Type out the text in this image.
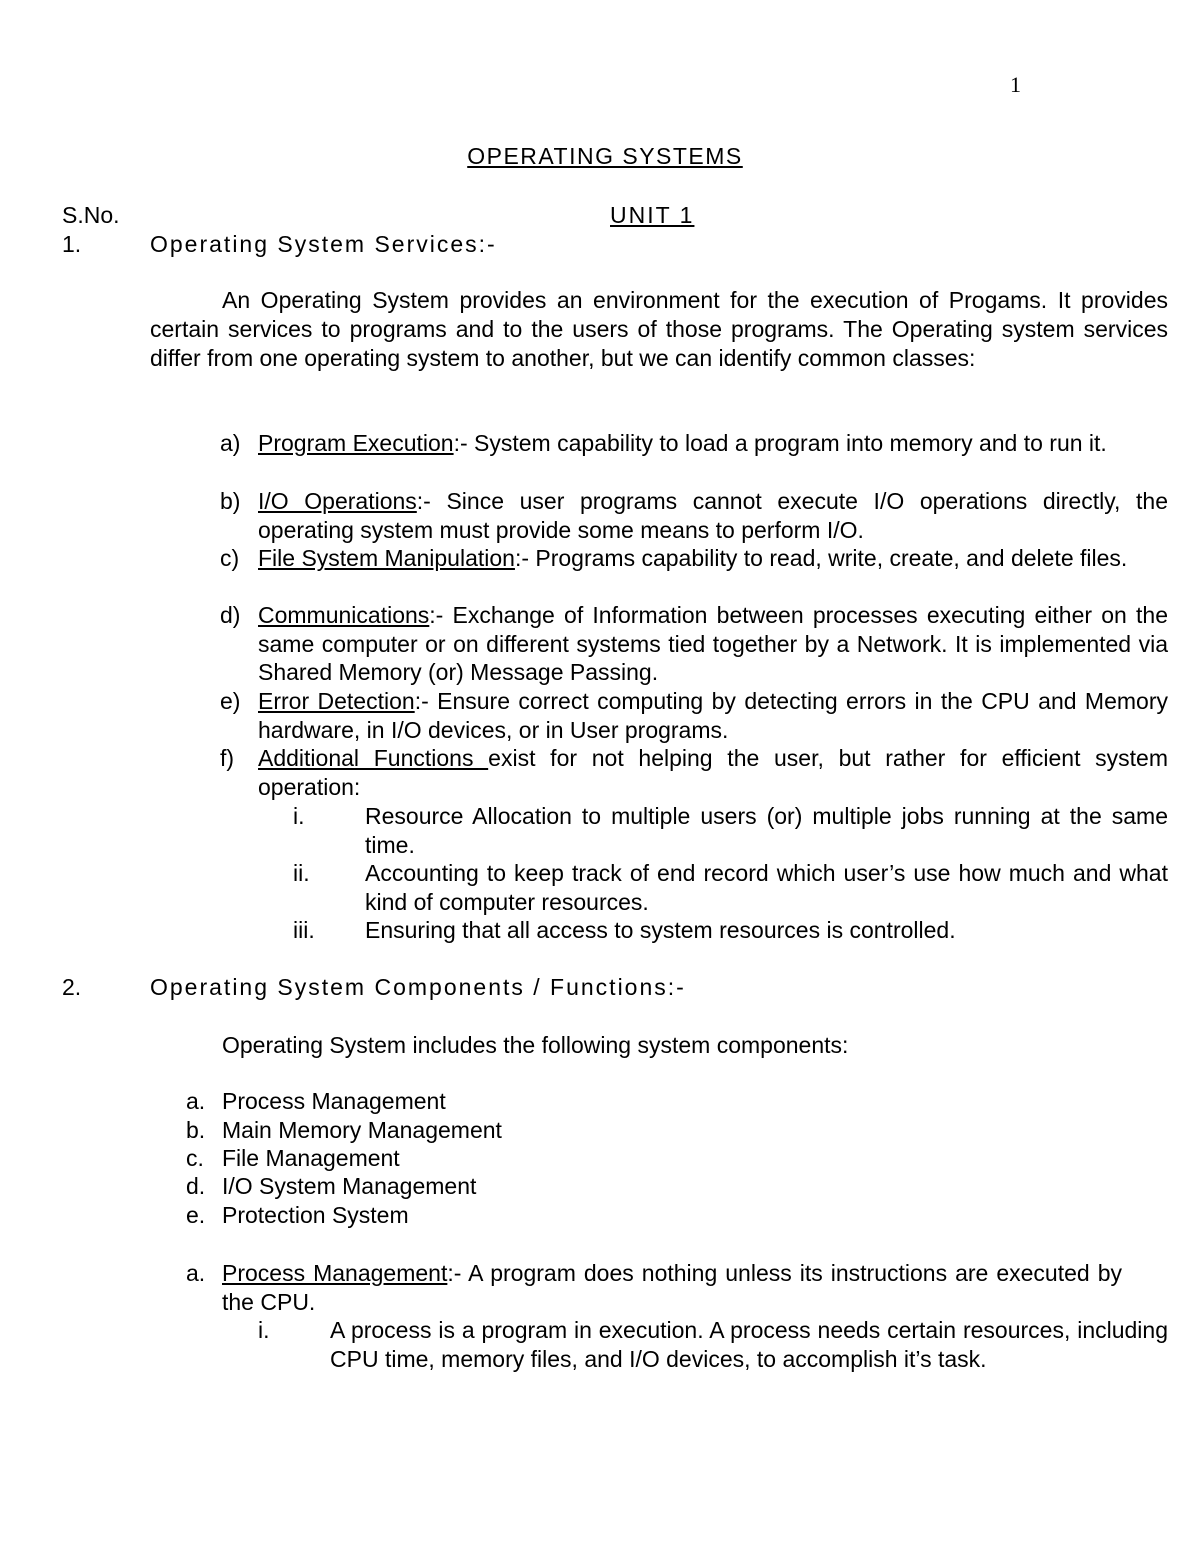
1
OPERATING SYSTEMS
S.No.	UNIT 1
1.	Operating System Services:-
An Operating System provides an environment for the execution of Progams. It provides certain services to programs and to the users of those programs. The Operating system services differ from one operating system to another, but we can identify common classes:
a) Program Execution:- System capability to load a program into memory and to run it.
b) I/O Operations:- Since user programs cannot execute I/O operations directly, the operating system must provide some means to perform I/O.
c) File System Manipulation:- Programs capability to read, write, create, and delete files.
d) Communications:- Exchange of Information between processes executing either on the same computer or on different systems tied together by a Network. It is implemented via Shared Memory (or) Message Passing.
e) Error Detection:- Ensure correct computing by detecting errors in the CPU and Memory hardware, in I/O devices, or in User programs.
f) Additional Functions exist for not helping the user, but rather for efficient system operation:
i.	Resource Allocation to multiple users (or) multiple jobs running at the same time.
ii. Accounting to keep track of end record which user’s use how much and what kind of computer resources.
iii. Ensuring that all access to system resources is controlled.
2.	Operating System Components / Functions:-
Operating System includes the following system components:
a. Process Management
b. Main Memory Management
c. File Management
d. I/O System Management
e. Protection System
a. Process Management:- A program does nothing unless its instructions are executed by the CPU.
i.	A process is a program in execution. A process needs certain resources, including CPU time, memory files, and I/O devices, to accomplish it’s task.
